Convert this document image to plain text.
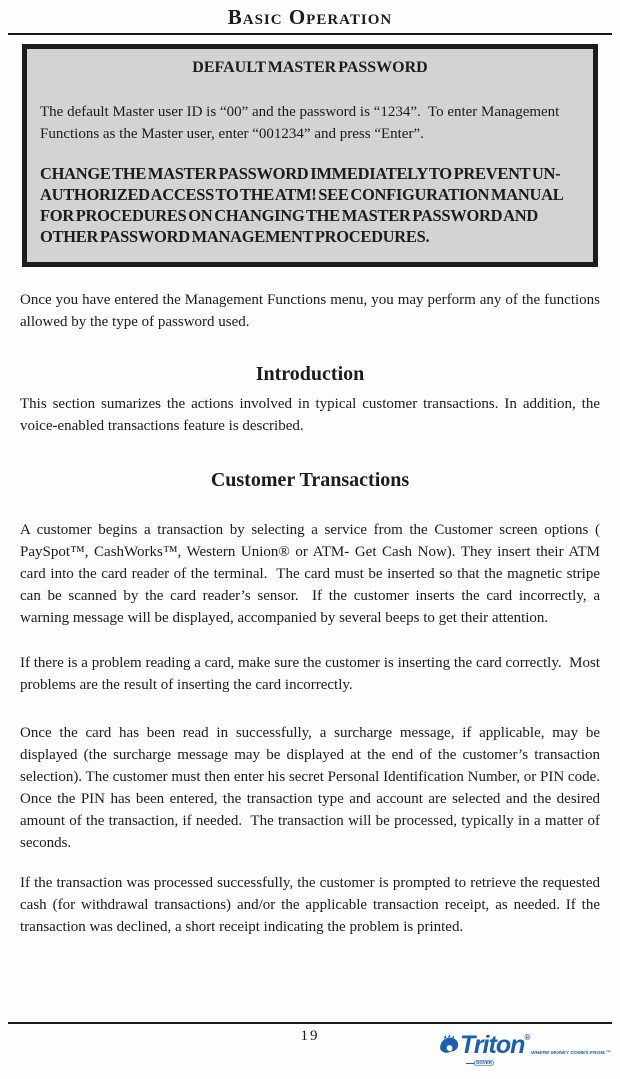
Basic Operation
DEFAULT MASTER PASSWORD
The default Master user ID is “00” and the password is “1234”.  To enter Management Functions as the Master user, enter “001234” and press “Enter”.
CHANGE THE MASTER PASSWORD IMMEDIATELY TO PREVENT UN-AUTHORIZED ACCESS TO THE ATM! SEE CONFIGURATION MANUAL FOR PROCEDURES ON CHANGING THE MASTER PASSWORD AND OTHER PASSWORD MANAGEMENT PROCEDURES.
Once you have entered the Management Functions menu, you may perform any of the functions allowed by the type of password used.
Introduction
This section sumarizes the actions involved in typical customer transactions. In addition, the voice-enabled transactions feature is described.
Customer Transactions
A customer begins a transaction by selecting a service from the Customer screen options ( PaySpot™, CashWorks™, Western Union® or ATM- Get Cash Now). They insert their ATM card into the card reader of the terminal.  The card must be inserted so that the magnetic stripe can be scanned by the card reader’s sensor.  If the customer inserts the card incorrectly, a warning message will be displayed, accompanied by several beeps to get their attention.
If there is a problem reading a card, make sure the customer is inserting the card correctly.  Most problems are the result of inserting the card incorrectly.
Once the card has been read in successfully, a surcharge message, if applicable, may be displayed (the surcharge message may be displayed at the end of the customer’s transaction selection). The customer must then enter his secret Personal Identification Number, or PIN code.  Once the PIN has been entered, the transaction type and account are selected and the desired amount of the transaction, if needed.  The transaction will be processed, typically in a matter of seconds.
If the transaction was processed successfully, the customer is prompted to retrieve the requested cash (for withdrawal transactions) and/or the applicable transaction receipt, as needed. If the transaction was declined, a short receipt indicating the problem is printed.
19	Triton®
WHERE MONEY COMES FROM.™
DOVER
